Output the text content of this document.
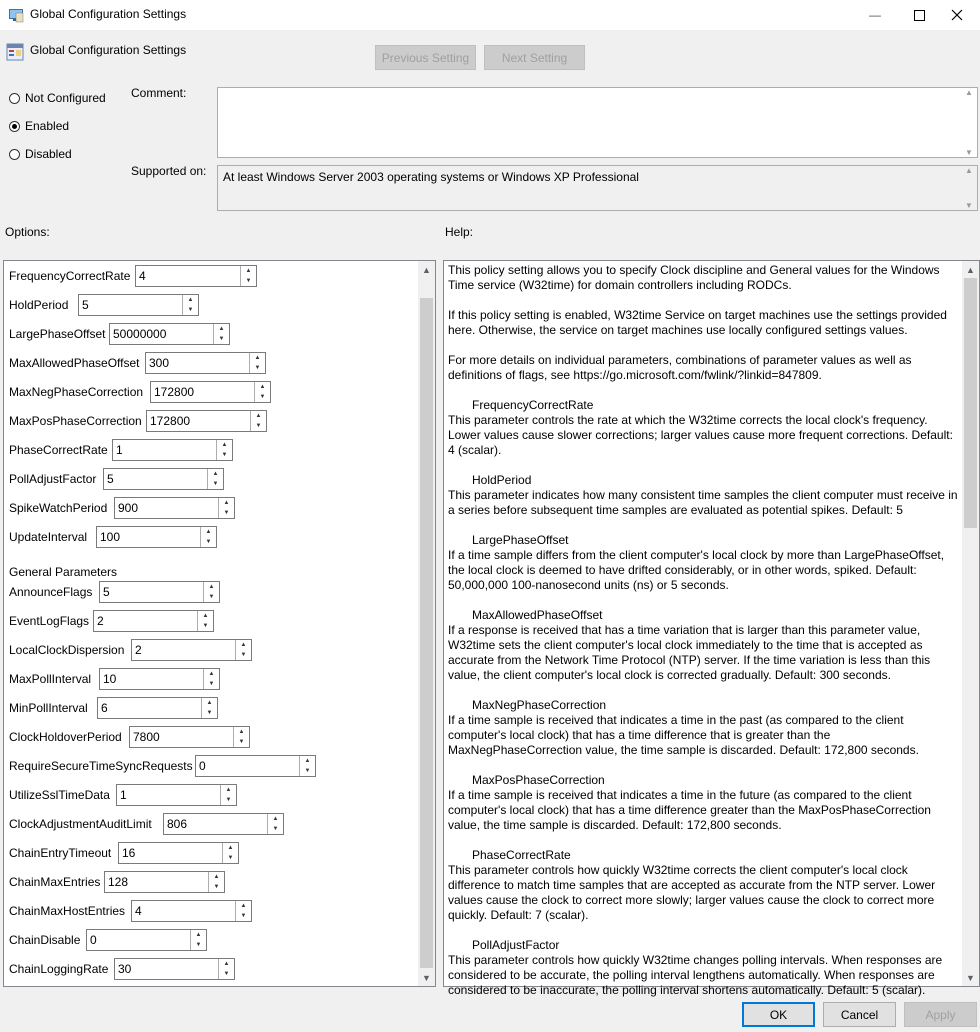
Global Configuration Settings	—
Global Configuration Settings
Previous Setting	Next Setting
Not Configured
Enabled
Disabled
Comment:	▲
▼
Supported on: At least Windows Server 2003 operating systems or Windows XP Professional	▲
▼
Options:	Help:
FrequencyCorrectRate 4	▲
▼
HoldPeriod 5	▲
▼
LargePhaseOffset 50000000	▲
▼
MaxAllowedPhaseOffset 300	▲
▼
MaxNegPhaseCorrection 172800	▲
▼
MaxPosPhaseCorrection 172800	▲
▼
PhaseCorrectRate 1	▲
▼
PollAdjustFactor 5	▲
▼
SpikeWatchPeriod 900	▲
▼
UpdateInterval 100	▲
▼
General Parameters
AnnounceFlags 5	▲
▼
EventLogFlags 2	▲
▼
LocalClockDispersion 2	▲
▼
MaxPollInterval 10	▲
▼
MinPollInterval 6	▲
▼
ClockHoldoverPeriod 7800	▲
▼
RequireSecureTimeSyncRequests 0	▲
▼
UtilizeSslTimeData 1	▲
▼
ClockAdjustmentAuditLimit 806	▲
▼
ChainEntryTimeout 16	▲
▼
ChainMaxEntries 128	▲
▼
ChainMaxHostEntries 4	▲
▼
ChainDisable 0	▲
▼
ChainLoggingRate 30	▲
▼
▲
▼

This policy setting allows you to specify Clock discipline and General values for the Windows Time service (W32time) for domain controllers including RODCs.

If this policy setting is enabled, W32time Service on target machines use the settings provided here. Otherwise, the service on target machines use locally configured settings values.

For more details on individual parameters, combinations of parameter values as well as definitions of flags, see https://go.microsoft.com/fwlink/?linkid=847809.

FrequencyCorrectRate
This parameter controls the rate at which the W32time corrects the local clock's frequency. Lower values cause slower corrections; larger values cause more frequent corrections. Default: 4 (scalar).

HoldPeriod
This parameter indicates how many consistent time samples the client computer must receive in a series before subsequent time samples are evaluated as potential spikes. Default: 5

LargePhaseOffset
If a time sample differs from the client computer's local clock by more than LargePhaseOffset, the local clock is deemed to have drifted considerably, or in other words, spiked. Default: 50,000,000 100-nanosecond units (ns) or 5 seconds.

MaxAllowedPhaseOffset
If a response is received that has a time variation that is larger than this parameter value, W32time sets the client computer's local clock immediately to the time that is accepted as accurate from the Network Time Protocol (NTP) server. If the time variation is less than this value, the client computer's local clock is corrected gradually. Default: 300 seconds.

MaxNegPhaseCorrection
If a time sample is received that indicates a time in the past (as compared to the client computer's local clock) that has a time difference that is greater than the MaxNegPhaseCorrection value, the time sample is discarded. Default: 172,800 seconds.

MaxPosPhaseCorrection
If a time sample is received that indicates a time in the future (as compared to the client computer's local clock) that has a time difference greater than the MaxPosPhaseCorrection value, the time sample is discarded. Default: 172,800 seconds.

PhaseCorrectRate
This parameter controls how quickly W32time corrects the client computer's local clock difference to match time samples that are accepted as accurate from the NTP server. Lower values cause the clock to correct more slowly; larger values cause the clock to correct more quickly. Default: 7 (scalar).

PollAdjustFactor
This parameter controls how quickly W32time changes polling intervals. When responses are considered to be accurate, the polling interval lengthens automatically. When responses are considered to be inaccurate, the polling interval shortens automatically. Default: 5 (scalar).

▲
▼
OK	Cancel	Apply
